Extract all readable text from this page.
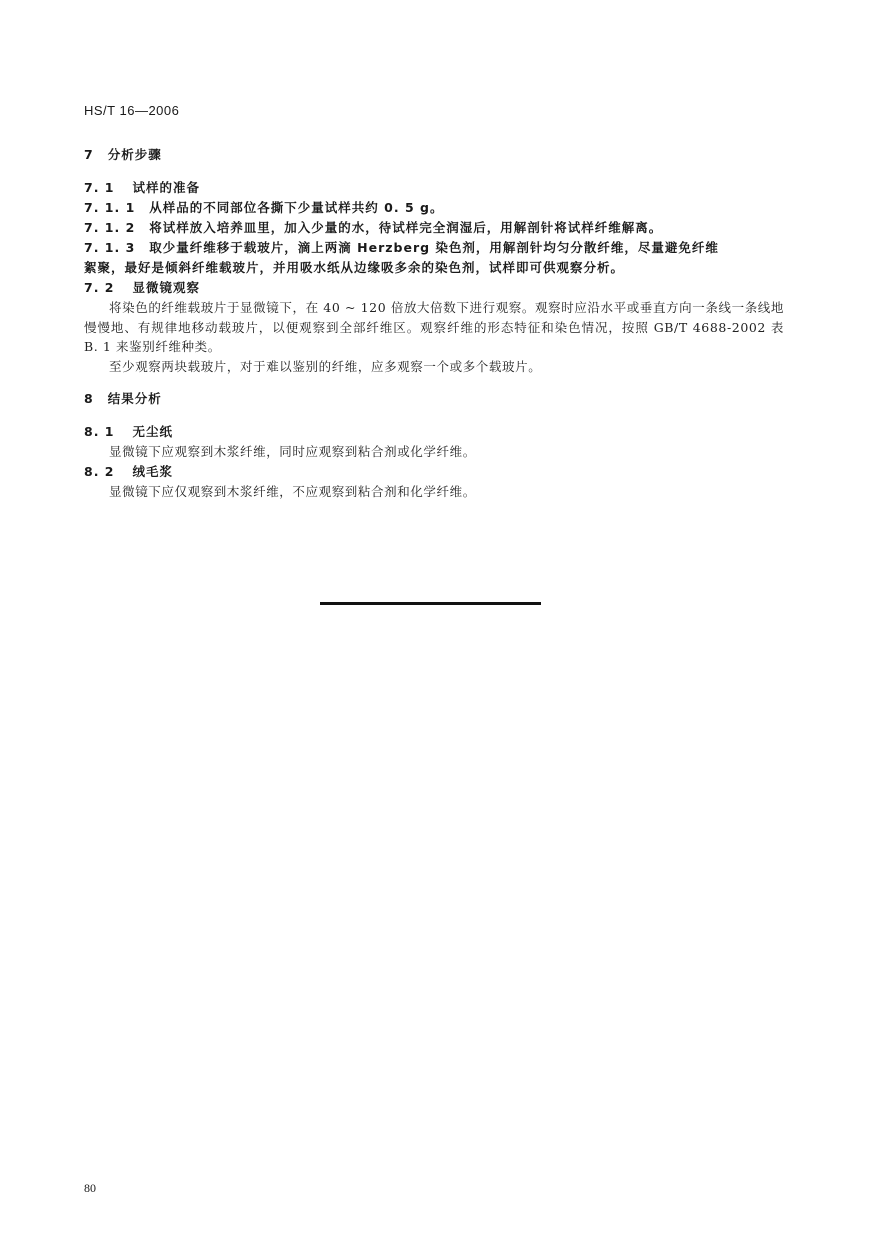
HS/T 16—2006

7 分析步骤

7. 1 试样的准备

7. 1. 1 从样品的不同部位各撕下少量试样共约 0. 5 g。

7. 1. 2 将试样放入培养皿里，加入少量的水，待试样完全润湿后，用解剖针将试样纤维解离。

7. 1. 3 取少量纤维移于载玻片，滴上两滴 Herzberg 染色剂，用解剖针均匀分散纤维，尽量避免纤维

絮聚，最好是倾斜纤维载玻片，并用吸水纸从边缘吸多余的染色剂，试样即可供观察分析。

7. 2 显微镜观察

将染色的纤维载玻片于显微镜下，在 40 ~ 120 倍放大倍数下进行观察。观察时应沿水平或垂直方向一条线一条线地慢慢地、有规律地移动载玻片，以便观察到全部纤维区。观察纤维的形态特征和染色情况，按照 GB/T 4688-2002 表 B. 1 来鉴别纤维种类。

至少观察两块载玻片，对于难以鉴别的纤维，应多观察一个或多个载玻片。

8 结果分析

8. 1 无尘纸

显微镜下应观察到木浆纤维，同时应观察到粘合剂或化学纤维。

8. 2 绒毛浆

显微镜下应仅观察到木浆纤维，不应观察到粘合剂和化学纤维。

80
